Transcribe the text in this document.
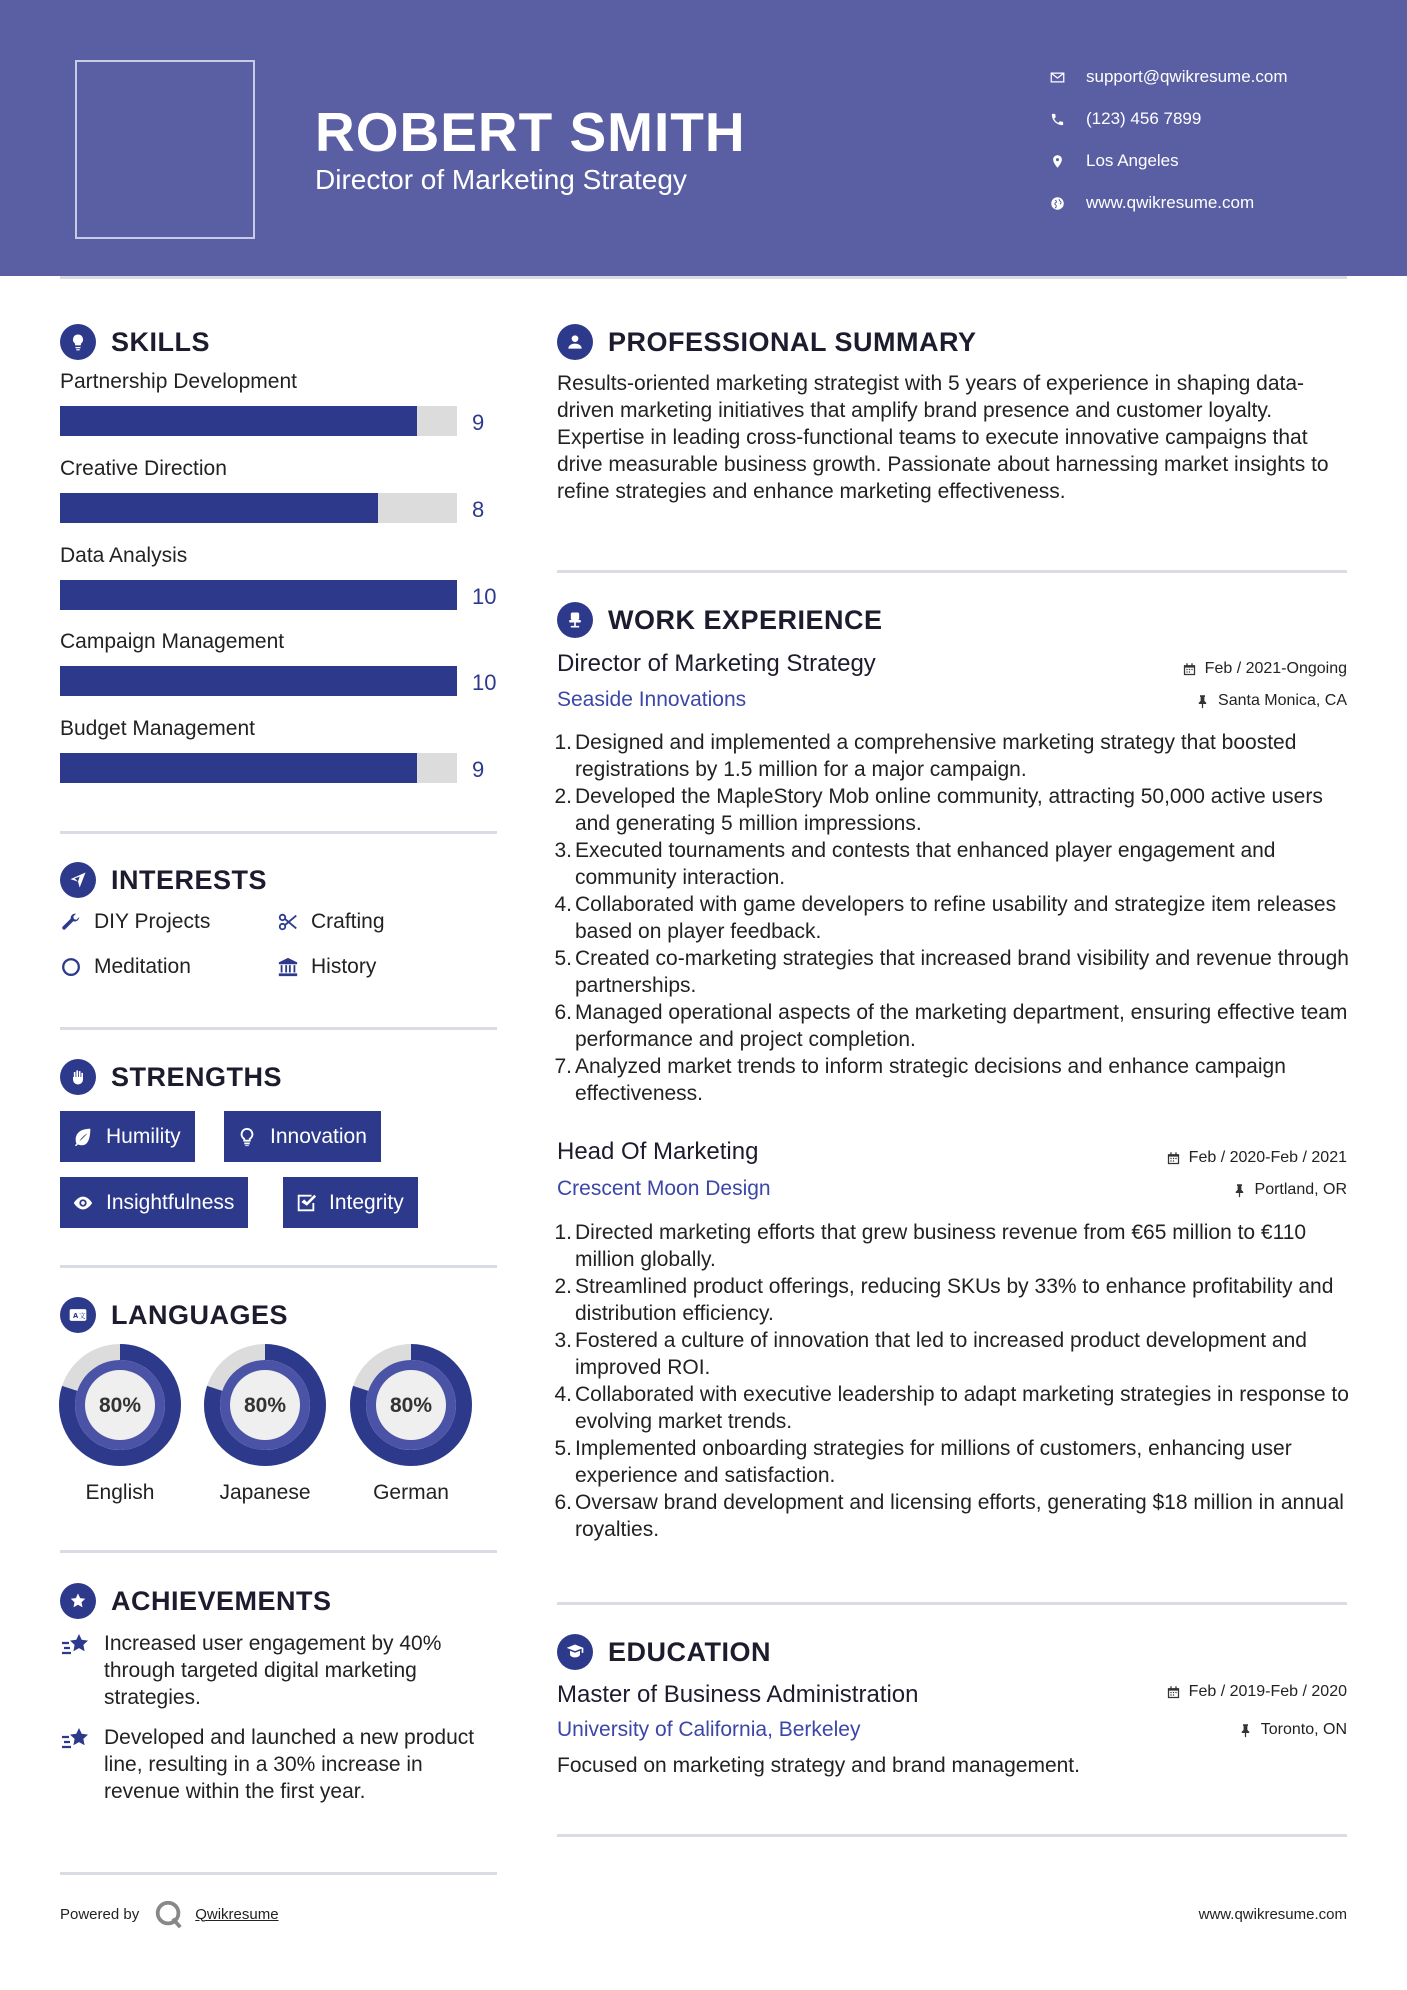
ROBERT SMITH
Director of Marketing Strategy
support@qwikresume.com
(123) 456 7899
Los Angeles
www.qwikresume.com
SKILLS
Partnership Development
9
Creative Direction
8
Data Analysis
10
Campaign Management
10
Budget Management
9
INTERESTS
DIY Projects	Crafting
Meditation	History
STRENGTHS
Humility	Innovation
Insightfulness	Integrity
A 文 LANGUAGES
80%
English
80%
Japanese
80%
German
ACHIEVEMENTS
Increased user engagement by 40% through targeted digital marketing strategies.
Developed and launched a new product line, resulting in a 30% increase in revenue within the first year.
PROFESSIONAL SUMMARY
Results-oriented marketing strategist with 5 years of experience in shaping data-driven marketing initiatives that amplify brand presence and customer loyalty. Expertise in leading cross-functional teams to execute innovative campaigns that drive measurable business growth. Passionate about harnessing market insights to refine strategies and enhance marketing effectiveness.
WORK EXPERIENCE
Director of Marketing Strategy	Feb / 2021-Ongoing
Seaside Innovations	Santa Monica, CA
1. Designed and implemented a comprehensive marketing strategy that boosted registrations by 1.5 million for a major campaign.
2. Developed the MapleStory Mob online community, attracting 50,000 active users and generating 5 million impressions.
3. Executed tournaments and contests that enhanced player engagement and community interaction.
4. Collaborated with game developers to refine usability and strategize item releases based on player feedback.
5. Created co-marketing strategies that increased brand visibility and revenue through partnerships.
6. Managed operational aspects of the marketing department, ensuring effective team performance and project completion.
7. Analyzed market trends to inform strategic decisions and enhance campaign effectiveness.
Head Of Marketing	Feb / 2020-Feb / 2021
Crescent Moon Design	Portland, OR
1. Directed marketing efforts that grew business revenue from €65 million to €110 million globally.
2. Streamlined product offerings, reducing SKUs by 33% to enhance profitability and distribution efficiency.
3. Fostered a culture of innovation that led to increased product development and improved ROI.
4. Collaborated with executive leadership to adapt marketing strategies in response to evolving market trends.
5. Implemented onboarding strategies for millions of customers, enhancing user experience and satisfaction.
6. Oversaw brand development and licensing efforts, generating $18 million in annual royalties.
EDUCATION
Master of Business Administration	Feb / 2019-Feb / 2020
University of California, Berkeley	Toronto, ON
Focused on marketing strategy and brand management.
Powered by	Qwikresume	www.qwikresume.com
